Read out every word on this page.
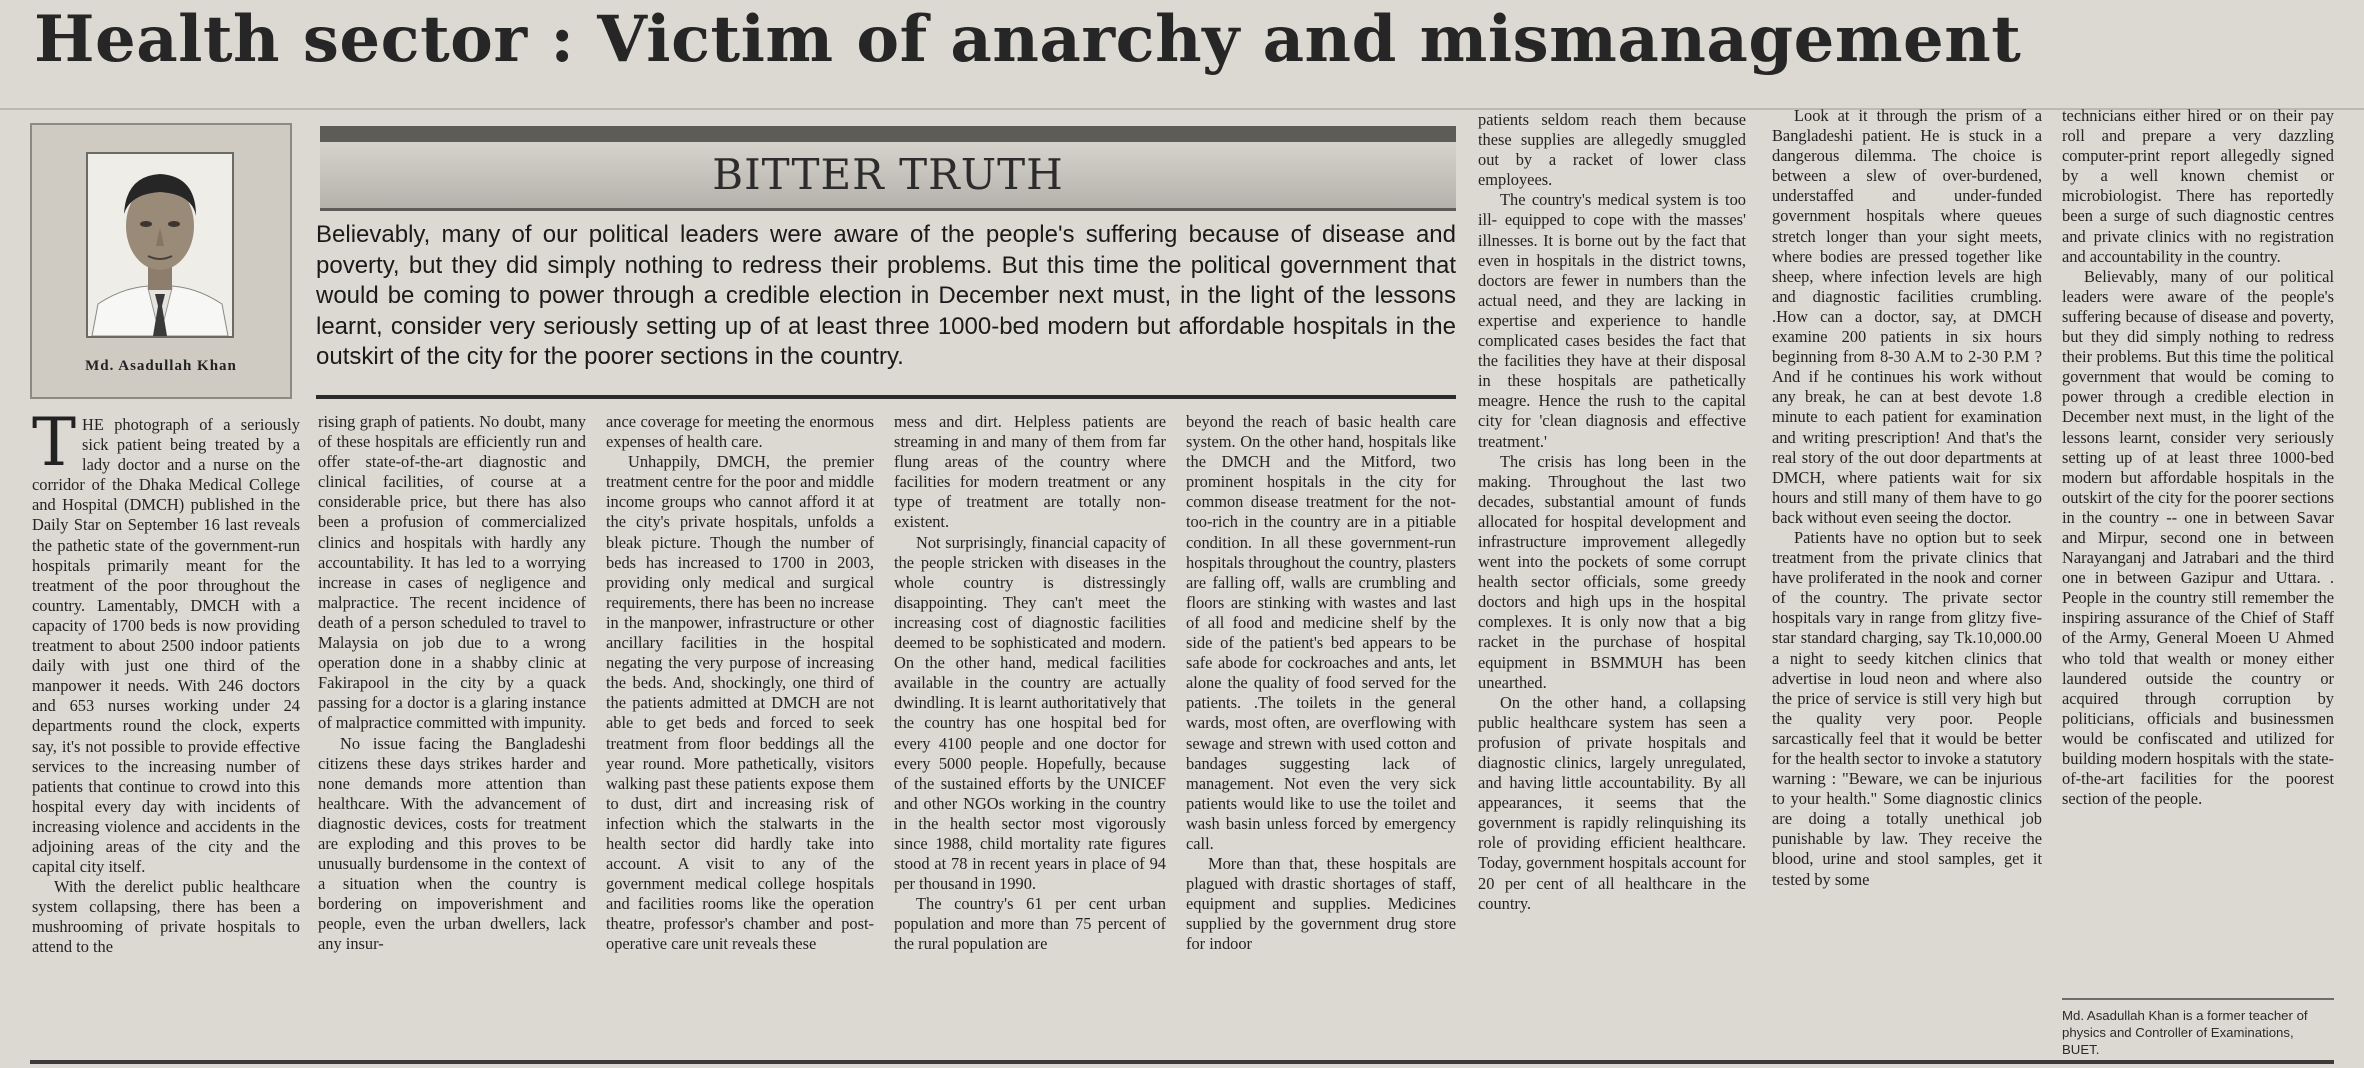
Health sector : Victim of anarchy and mismanagement
Md. Asadullah Khan
BITTER TRUTH

Believably, many of our political leaders were aware of the people's suffering because of disease and poverty, but they did simply nothing to redress their problems. But this time the political government that would be coming to power through a credible election in December next must, in the light of the lessons learnt, consider very seriously setting up of at least three 1000-bed modern but affordable hospitals in the outskirt of the city for the poorer sections in the country.

THE photograph of a seriously sick patient being treated by a lady doctor and a nurse on the corridor of the Dhaka Medical College and Hospital (DMCH) published in the Daily Star on September 16 last reveals the pathetic state of the government-run hospitals primarily meant for the treatment of the poor throughout the country. Lamentably, DMCH with a capacity of 1700 beds is now providing treatment to about 2500 indoor patients daily with just one third of the manpower it needs. With 246 doctors and 653 nurses working under 24 departments round the clock, experts say, it's not possible to provide effective services to the increasing number of patients that continue to crowd into this hospital every day with incidents of increasing violence and accidents in the adjoining areas of the city and the capital city itself.

With the derelict public healthcare system collapsing, there has been a mushrooming of private hospitals to attend to the

rising graph of patients. No doubt, many of these hospitals are efficiently run and offer state-of-the-art diagnostic and clinical facilities, of course at a considerable price, but there has also been a profusion of commercialized clinics and hospitals with hardly any accountability. It has led to a worrying increase in cases of negligence and malpractice. The recent incidence of death of a person scheduled to travel to Malaysia on job due to a wrong operation done in a shabby clinic at Fakirapool in the city by a quack passing for a doctor is a glaring instance of malpractice committed with impunity.

No issue facing the Bangladeshi citizens these days strikes harder and none demands more attention than healthcare. With the advancement of diagnostic devices, costs for treatment are exploding and this proves to be unusually burdensome in the context of a situation when the country is bordering on impoverishment and people, even the urban dwellers, lack any insur-

ance coverage for meeting the enormous expenses of health care.

Unhappily, DMCH, the premier treatment centre for the poor and middle income groups who cannot afford it at the city's private hospitals, unfolds a bleak picture. Though the number of beds has increased to 1700 in 2003, providing only medical and surgical requirements, there has been no increase in the manpower, infrastructure or other ancillary facilities in the hospital negating the very purpose of increasing the beds. And, shockingly, one third of the patients admitted at DMCH are not able to get beds and forced to seek treatment from floor beddings all the year round. More pathetically, visitors walking past these patients expose them to dust, dirt and increasing risk of infection which the stalwarts in the health sector did hardly take into account. A visit to any of the government medical college hospitals and facilities rooms like the operation theatre, professor's chamber and post-operative care unit reveals these

mess and dirt. Helpless patients are streaming in and many of them from far flung areas of the country where facilities for modern treatment or any type of treatment are totally non- existent.

Not surprisingly, financial capacity of the people stricken with diseases in the whole country is distressingly disappointing. They can't meet the increasing cost of diagnostic facilities deemed to be sophisticated and modern. On the other hand, medical facilities available in the country are actually dwindling. It is learnt authoritatively that the country has one hospital bed for every 4100 people and one doctor for every 5000 people. Hopefully, because of the sustained efforts by the UNICEF and other NGOs working in the country in the health sector most vigorously since 1988, child mortality rate figures stood at 78 in recent years in place of 94 per thousand in 1990.

The country's 61 per cent urban population and more than 75 percent of the rural population are

beyond the reach of basic health care system. On the other hand, hospitals like the DMCH and the Mitford, two prominent hospitals in the city for common disease treatment for the not-too-rich in the country are in a pitiable condition. In all these government-run hospitals throughout the country, plasters are falling off, walls are crumbling and floors are stinking with wastes and last of all food and medicine shelf by the side of the patient's bed appears to be safe abode for cockroaches and ants, let alone the quality of food served for the patients. .The toilets in the general wards, most often, are overflowing with sewage and strewn with used cotton and bandages suggesting lack of management. Not even the very sick patients would like to use the toilet and wash basin unless forced by emergency call.

More than that, these hospitals are plagued with drastic shortages of staff, equipment and supplies. Medicines supplied by the government drug store for indoor

patients seldom reach them because these supplies are allegedly smuggled out by a racket of lower class employees.

The country's medical system is too ill- equipped to cope with the masses' illnesses. It is borne out by the fact that even in hospitals in the district towns, doctors are fewer in numbers than the actual need, and they are lacking in expertise and experience to handle complicated cases besides the fact that the facilities they have at their disposal in these hospitals are pathetically meagre. Hence the rush to the capital city for 'clean diagnosis and effective treatment.'

The crisis has long been in the making. Throughout the last two decades, substantial amount of funds allocated for hospital development and infrastructure improvement allegedly went into the pockets of some corrupt health sector officials, some greedy doctors and high ups in the hospital complexes. It is only now that a big racket in the purchase of hospital equipment in BSMMUH has been unearthed.

On the other hand, a collapsing public healthcare system has seen a profusion of private hospitals and diagnostic clinics, largely unregulated, and having little accountability. By all appearances, it seems that the government is rapidly relinquishing its role of providing efficient healthcare. Today, government hospitals account for 20 per cent of all healthcare in the country.

Look at it through the prism of a Bangladeshi patient. He is stuck in a dangerous dilemma. The choice is between a slew of over-burdened, understaffed and under-funded government hospitals where queues stretch longer than your sight meets, where bodies are pressed together like sheep, where infection levels are high and diagnostic facilities crumbling. .How can a doctor, say, at DMCH examine 200 patients in six hours beginning from 8-30 A.M to 2-30 P.M ? And if he continues his work without any break, he can at best devote 1.8 minute to each patient for examination and writing prescription! And that's the real story of the out door departments at DMCH, where patients wait for six hours and still many of them have to go back without even seeing the doctor.

Patients have no option but to seek treatment from the private clinics that have proliferated in the nook and corner of the country. The private sector hospitals vary in range from glitzy five-star standard charging, say Tk.10,000.00 a night to seedy kitchen clinics that advertise in loud neon and where also the price of service is still very high but the quality very poor. People sarcastically feel that it would be better for the health sector to invoke a statutory warning : "Beware, we can be injurious to your health." Some diagnostic clinics are doing a totally unethical job punishable by law. They receive the blood, urine and stool samples, get it tested by some

technicians either hired or on their pay roll and prepare a very dazzling computer-print report allegedly signed by a well known chemist or microbiologist. There has reportedly been a surge of such diagnostic centres and private clinics with no registration and accountability in the country.

Believably, many of our political leaders were aware of the people's suffering because of disease and poverty, but they did simply nothing to redress their problems. But this time the political government that would be coming to power through a credible election in December next must, in the light of the lessons learnt, consider very seriously setting up of at least three 1000-bed modern but affordable hospitals in the outskirt of the city for the poorer sections in the country -- one in between Savar and Mirpur, second one in between Narayanganj and Jatrabari and the third one in between Gazipur and Uttara. . People in the country still remember the inspiring assurance of the Chief of Staff of the Army, General Moeen U Ahmed who told that wealth or money either laundered outside the country or acquired through corruption by politicians, officials and businessmen would be confiscated and utilized for building modern hospitals with the state- of-the-art facilities for the poorest section of the people.

Md. Asadullah Khan is a former teacher of physics and Controller of Examinations, BUET.
